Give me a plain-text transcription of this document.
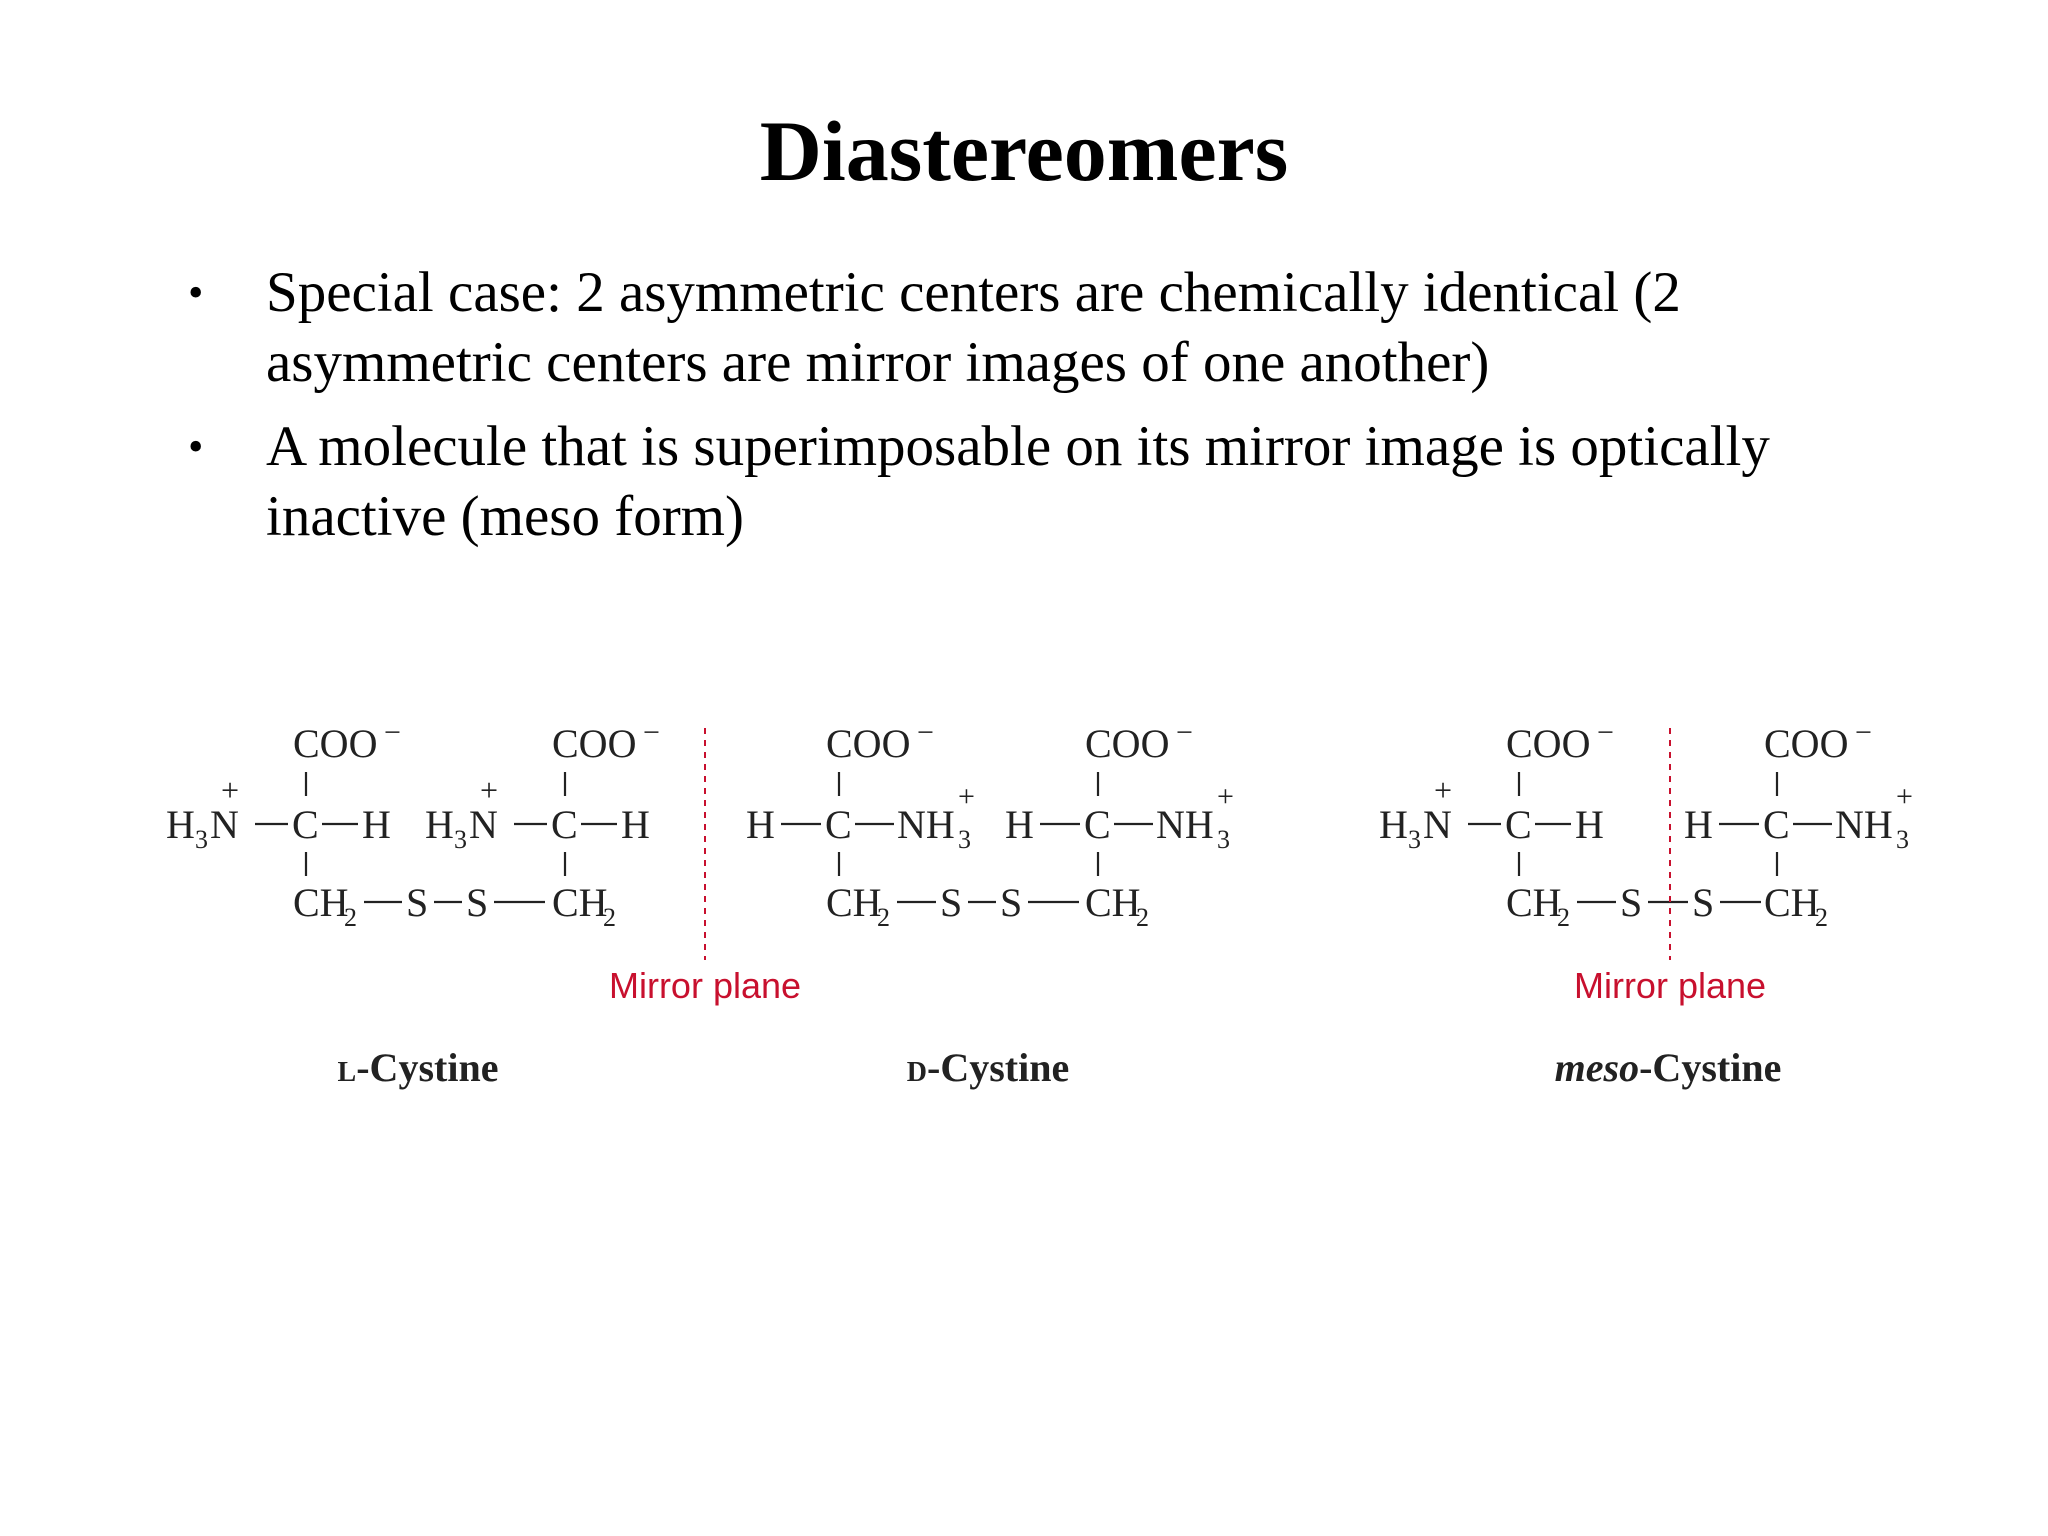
Diastereomers
• Special case: 2 asymmetric centers are chemically identical (2 asymmetric centers are mirror images of one another)
• A molecule that is superimposable on its mirror image is optically inactive (meso form)
COO −
+
H 3 N C H
CH
2 S S
COO −
+
H 3 N C H
CH
2
Mirror plane
COO −
H C NH 3
+
CH
2 S S
COO −
H C NH 3
+
CH
2
COO −
+
H 3 N C H
CH
2 S S
Mirror plane
COO −
H C NH 3
+
CH
2
L-Cystine	D-Cystine	meso-Cystine
